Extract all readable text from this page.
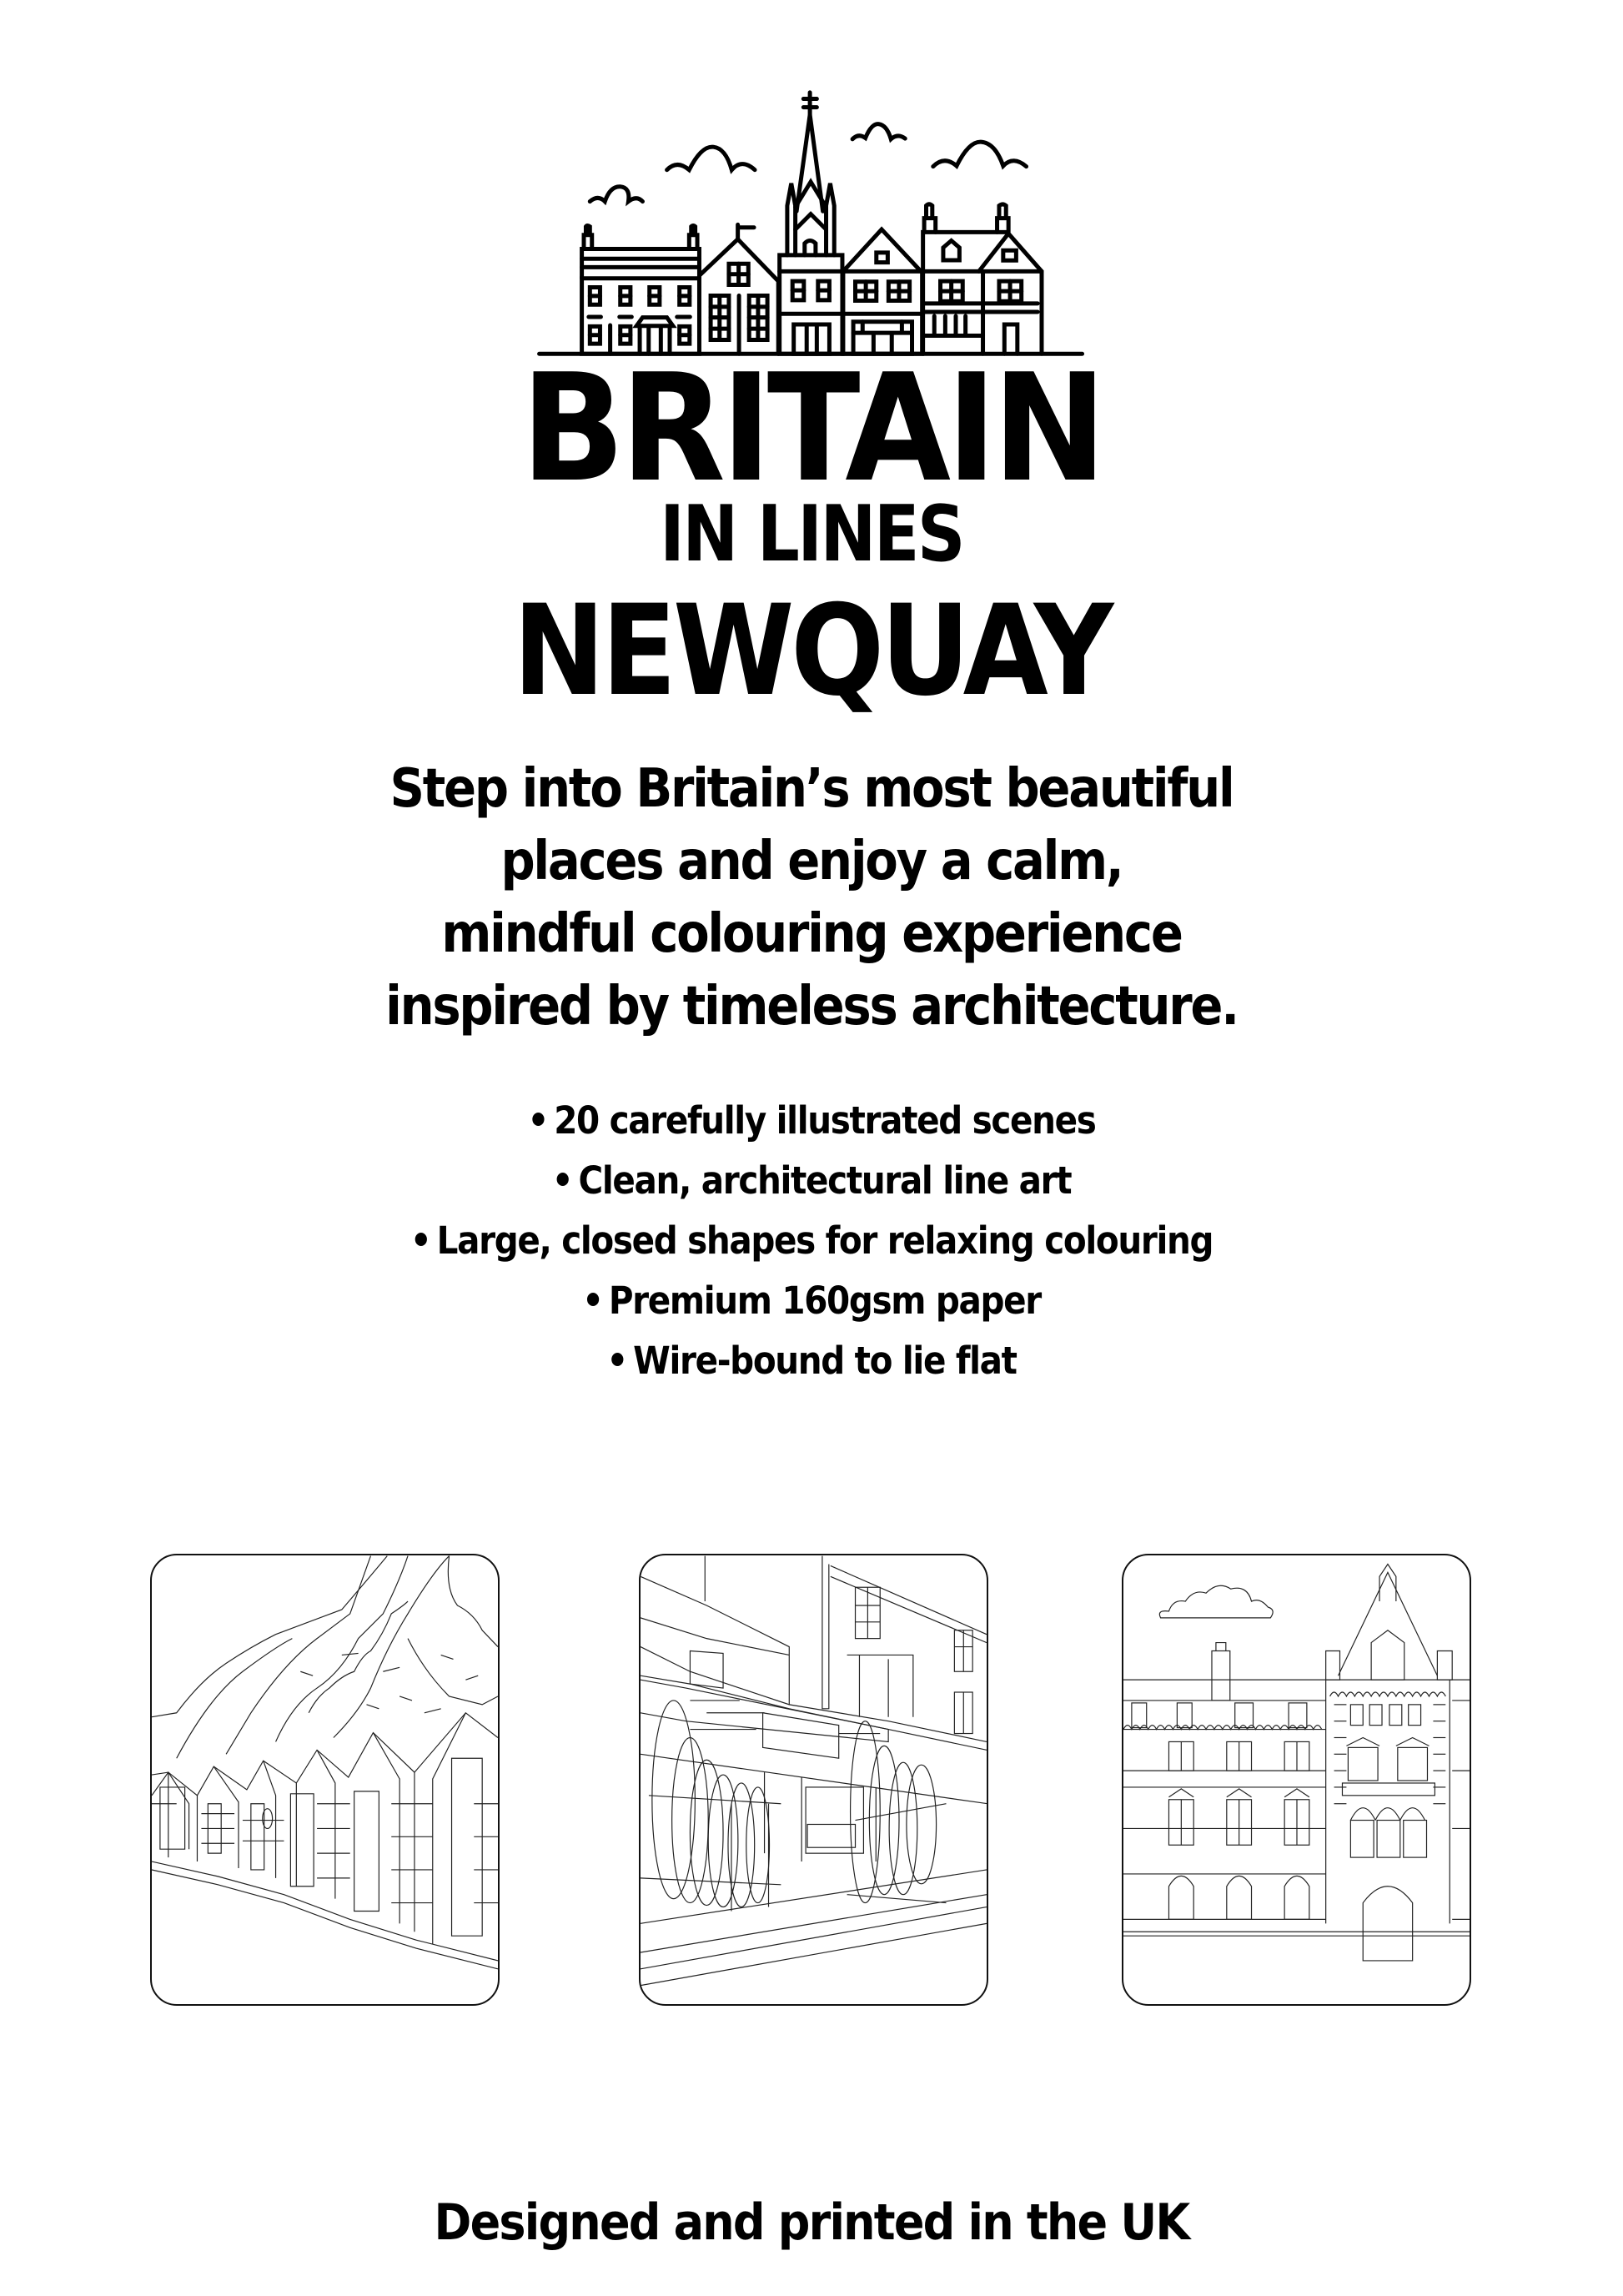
BRITAIN
IN LINES
NEWQUAY
Step into Britain’s most beautiful
places and enjoy a calm,
mindful colouring experience
inspired by timeless architecture.
• 20 carefully illustrated scenes
• Clean, architectural line art
• Large, closed shapes for relaxing colouring
• Premium 160gsm paper
• Wire-bound to lie flat
Designed and printed in the UK
